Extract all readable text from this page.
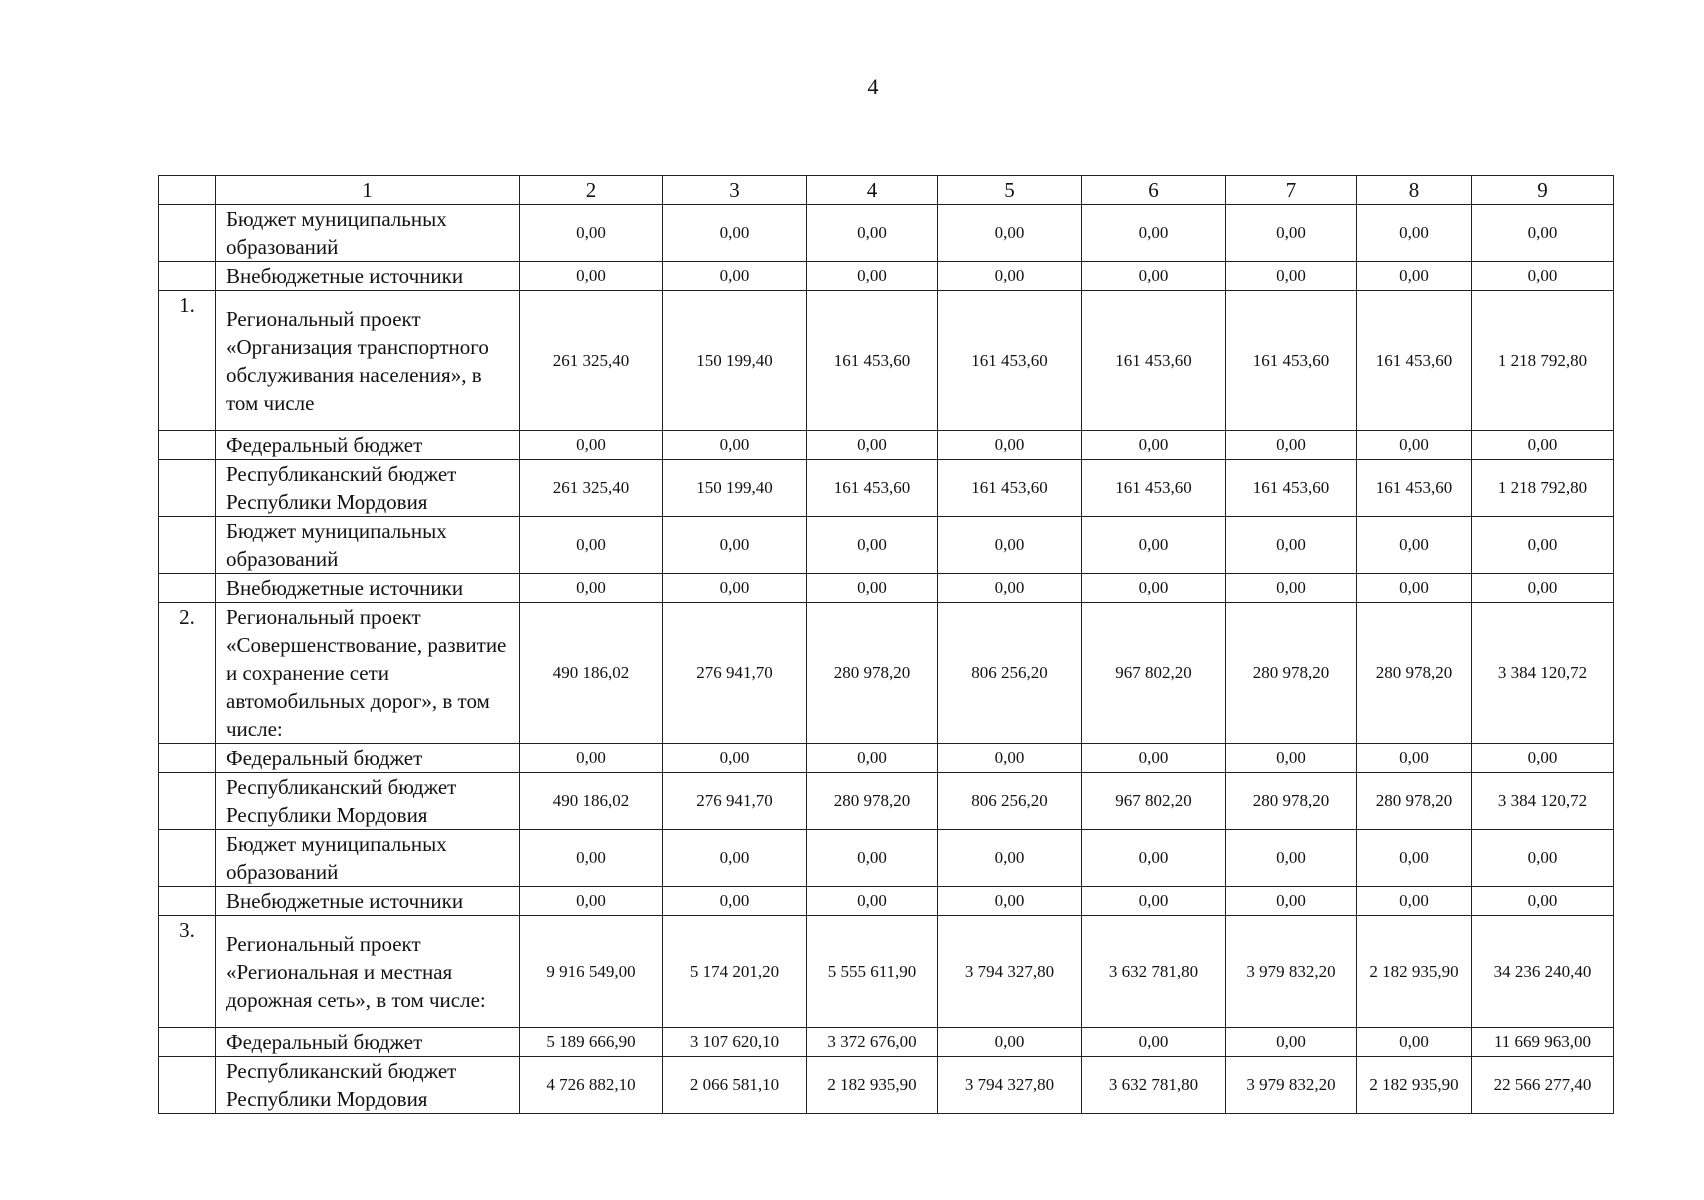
4
	1	2	3	4	5	6	7	8	9
	Бюджет муниципальных образований	0,00	0,00	0,00	0,00	0,00	0,00	0,00	0,00
	Внебюджетные источники	0,00	0,00	0,00	0,00	0,00	0,00	0,00	0,00
1.	Региональный проект «Организация транспортного обслуживания населения», в том числе	261 325,40	150 199,40	161 453,60	161 453,60	161 453,60	161 453,60	161 453,60	1 218 792,80
	Федеральный бюджет	0,00	0,00	0,00	0,00	0,00	0,00	0,00	0,00
	Республиканский бюджет Республики Мордовия	261 325,40	150 199,40	161 453,60	161 453,60	161 453,60	161 453,60	161 453,60	1 218 792,80
	Бюджет муниципальных образований	0,00	0,00	0,00	0,00	0,00	0,00	0,00	0,00
	Внебюджетные источники	0,00	0,00	0,00	0,00	0,00	0,00	0,00	0,00
2.	Региональный проект «Совершенствование, развитие и сохранение сети автомобильных дорог», в том числе:	490 186,02	276 941,70	280 978,20	806 256,20	967 802,20	280 978,20	280 978,20	3 384 120,72
	Федеральный бюджет	0,00	0,00	0,00	0,00	0,00	0,00	0,00	0,00
	Республиканский бюджет Республики Мордовия	490 186,02	276 941,70	280 978,20	806 256,20	967 802,20	280 978,20	280 978,20	3 384 120,72
	Бюджет муниципальных образований	0,00	0,00	0,00	0,00	0,00	0,00	0,00	0,00
	Внебюджетные источники	0,00	0,00	0,00	0,00	0,00	0,00	0,00	0,00
3.	Региональный проект «Региональная и местная дорожная сеть», в том числе:	9 916 549,00	5 174 201,20	5 555 611,90	3 794 327,80	3 632 781,80	3 979 832,20	2 182 935,90	34 236 240,40
	Федеральный бюджет	5 189 666,90	3 107 620,10	3 372 676,00	0,00	0,00	0,00	0,00	11 669 963,00
	Республиканский бюджет Республики Мордовия	4 726 882,10	2 066 581,10	2 182 935,90	3 794 327,80	3 632 781,80	3 979 832,20	2 182 935,90	22 566 277,40
